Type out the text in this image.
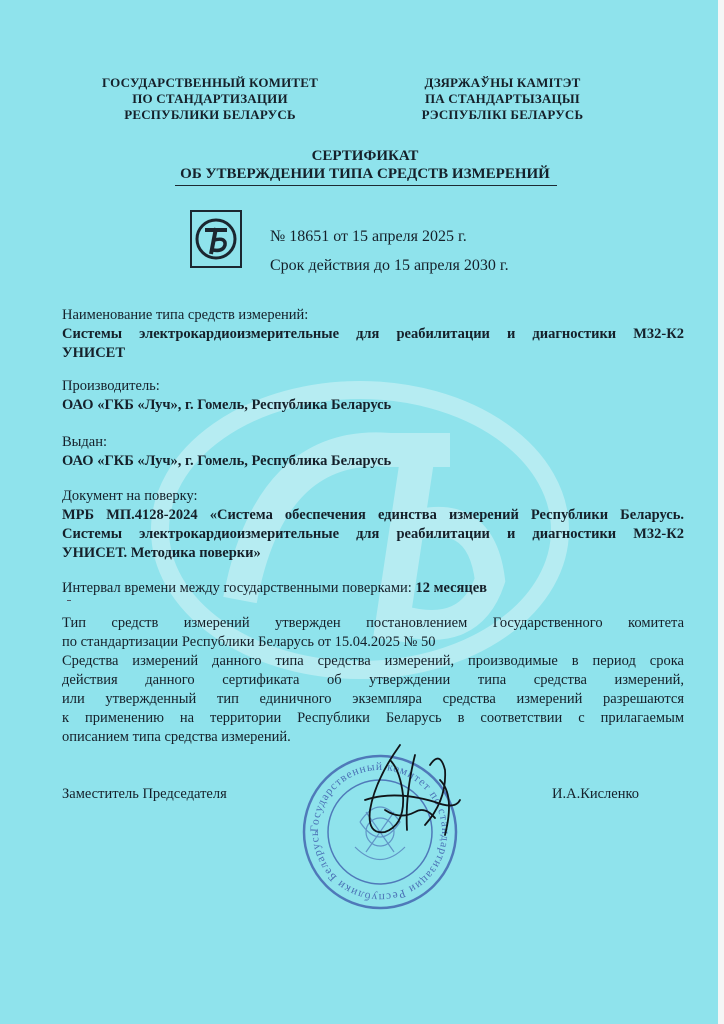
ГОСУДАРСТВЕННЫЙ КОМИТЕТ
ПО СТАНДАРТИЗАЦИИ
РЕСПУБЛИКИ БЕЛАРУСЬ
ДЗЯРЖАЎНЫ КАМІТЭТ
ПА СТАНДАРТЫЗАЦЫІ
РЭСПУБЛІКІ БЕЛАРУСЬ
СЕРТИФИКАТ
ОБ УТВЕРЖДЕНИИ ТИПА СРЕДСТВ ИЗМЕРЕНИЙ
№ 18651 от 15 апреля 2025 г.
Срок действия до 15 апреля 2030 г.
Наименование типа средств измерений:
Системы электрокардиоизмерительные для реабилитации и диагностики М32-К2
УНИСЕТ
Производитель:
ОАО «ГКБ «Луч», г. Гомель, Республика Беларусь
Выдан:
ОАО «ГКБ «Луч», г. Гомель, Республика Беларусь
Документ на поверку:
МРБ МП.4128-2024 «Система обеспечения единства измерений Республики Беларусь.
Системы электрокардиоизмерительные для реабилитации и диагностики М32-К2
УНИСЕТ. Методика поверки»
Интервал времени между государственными поверками: 12 месяцев
Тип средств измерений утвержден постановлением Государственного комитета
по стандартизации Республики Беларусь от 15.04.2025 № 50
Средства измерений данного типа средства измерений, производимые в период срока
действия данного сертификата об утверждении типа средства измерений,
или утвержденный тип единичного экземпляра средства измерений разрешаются
к применению на территории Республики Беларусь в соответствии с прилагаемым
описанием типа средства измерений.
Государственный комитет по стандартизации Республики Беларусь
Заместитель Председателя	И.А.Кисленко
